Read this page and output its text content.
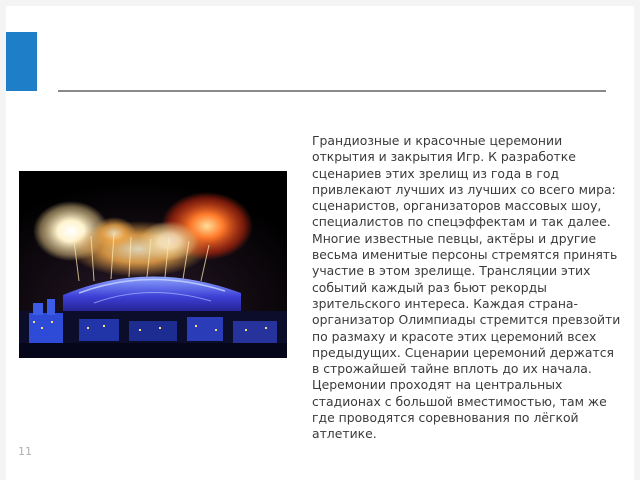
Грандиозные и красочные церемонии открытия и закрытия Игр. К разработке сценариев этих зрелищ из года в год привлекают лучших из лучших со всего мира: сценаристов, организаторов массовых шоу, специалистов по спецэффектам и так далее. Многие известные певцы, актёры и другие весьма именитые персоны стремятся принять участие в этом зрелище. Трансляции этих событий каждый раз бьют рекорды зрительского интереса. Каждая страна-организатор Олимпиады стремится превзойти по размаху и красоте этих церемоний всех предыдущих. Сценарии церемоний держатся в строжайшей тайне вплоть до их начала. Церемонии проходят на центральных стадионах с большой вместимостью, там же где проводятся соревнования по лёгкой атлетике.

11
